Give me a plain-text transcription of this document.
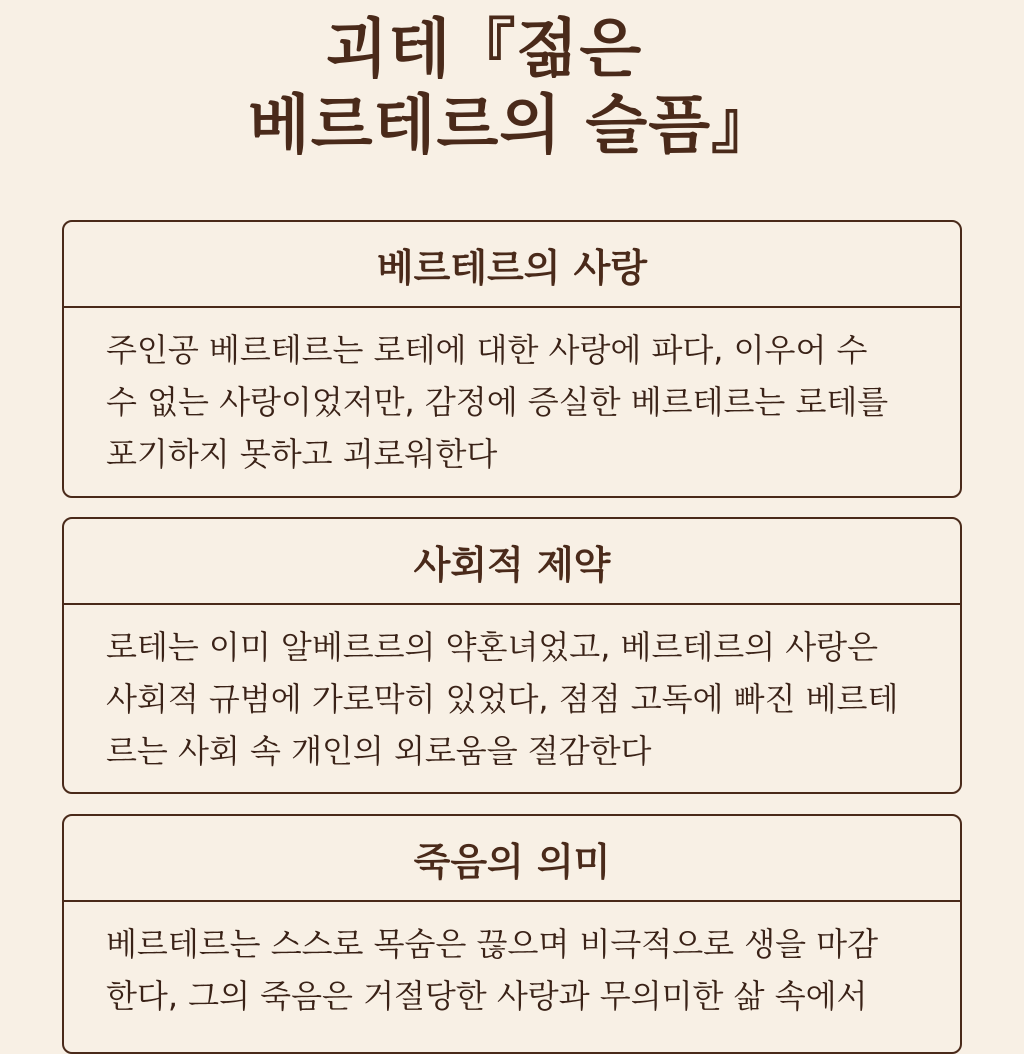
괴테『젊은
베르테르의 슬픔』
베르테르의 사랑
주인공 베르테르는 로테에 대한 사랑에 파다, 이우어 수
수 없는 사랑이었저만, 감정에 증실한 베르테르는 로테를
포기하지 못하고 괴로워한다
사회적 제약
로테는 이미 알베르르의 약혼녀었고, 베르테르의 사랑은
사회적 규범에 가로막히 있었다, 점점 고독에 빠진 베르테
르는 사회 속 개인의 외로움을 절감한다
죽음의 의미
베르테르는 스스로 목숨은 끊으며 비극적으로 생을 마감
한다, 그의 죽음은 거절당한 사랑과 무의미한 삶 속에서
